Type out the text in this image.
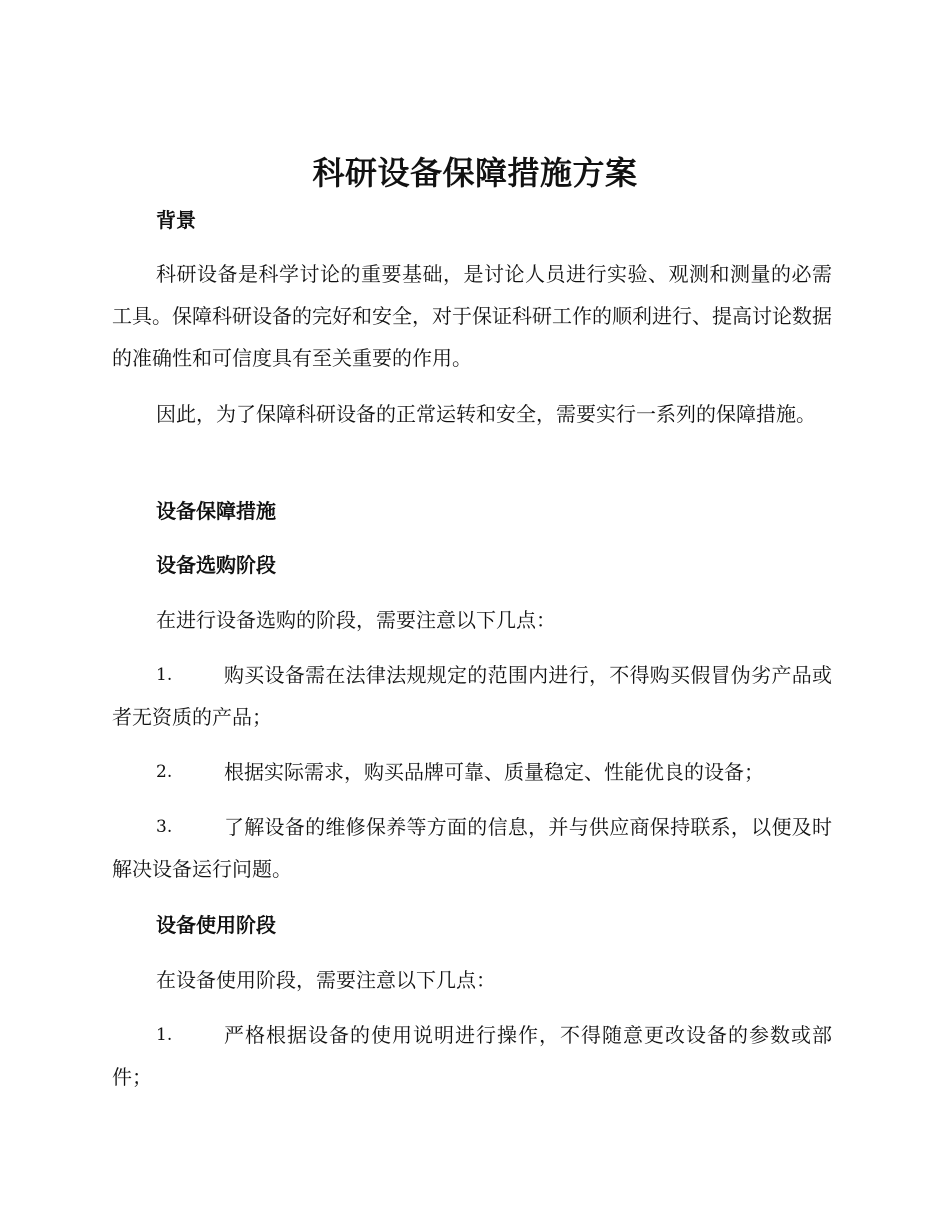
科研设备保障措施方案
背景

科研设备是科学讨论的重要基础，是讨论人员进行实验、观测和测量的必需工具。保障科研设备的完好和安全，对于保证科研工作的顺利进行、提高讨论数据的准确性和可信度具有至关重要的作用。

因此，为了保障科研设备的正常运转和安全，需要实行一系列的保障措施。

设备保障措施
设备选购阶段

在进行设备选购的阶段，需要注意以下几点：

1.	购买设备需在法律法规规定的范围内进行，不得购买假冒伪劣产品或者无资质的产品；
2.	根据实际需求，购买品牌可靠、质量稳定、性能优良的设备；
3.	了解设备的维修保养等方面的信息，并与供应商保持联系，以便及时解决设备运行问题。
设备使用阶段

在设备使用阶段，需要注意以下几点：

1.	严格根据设备的使用说明进行操作，不得随意更改设备的参数或部件；
